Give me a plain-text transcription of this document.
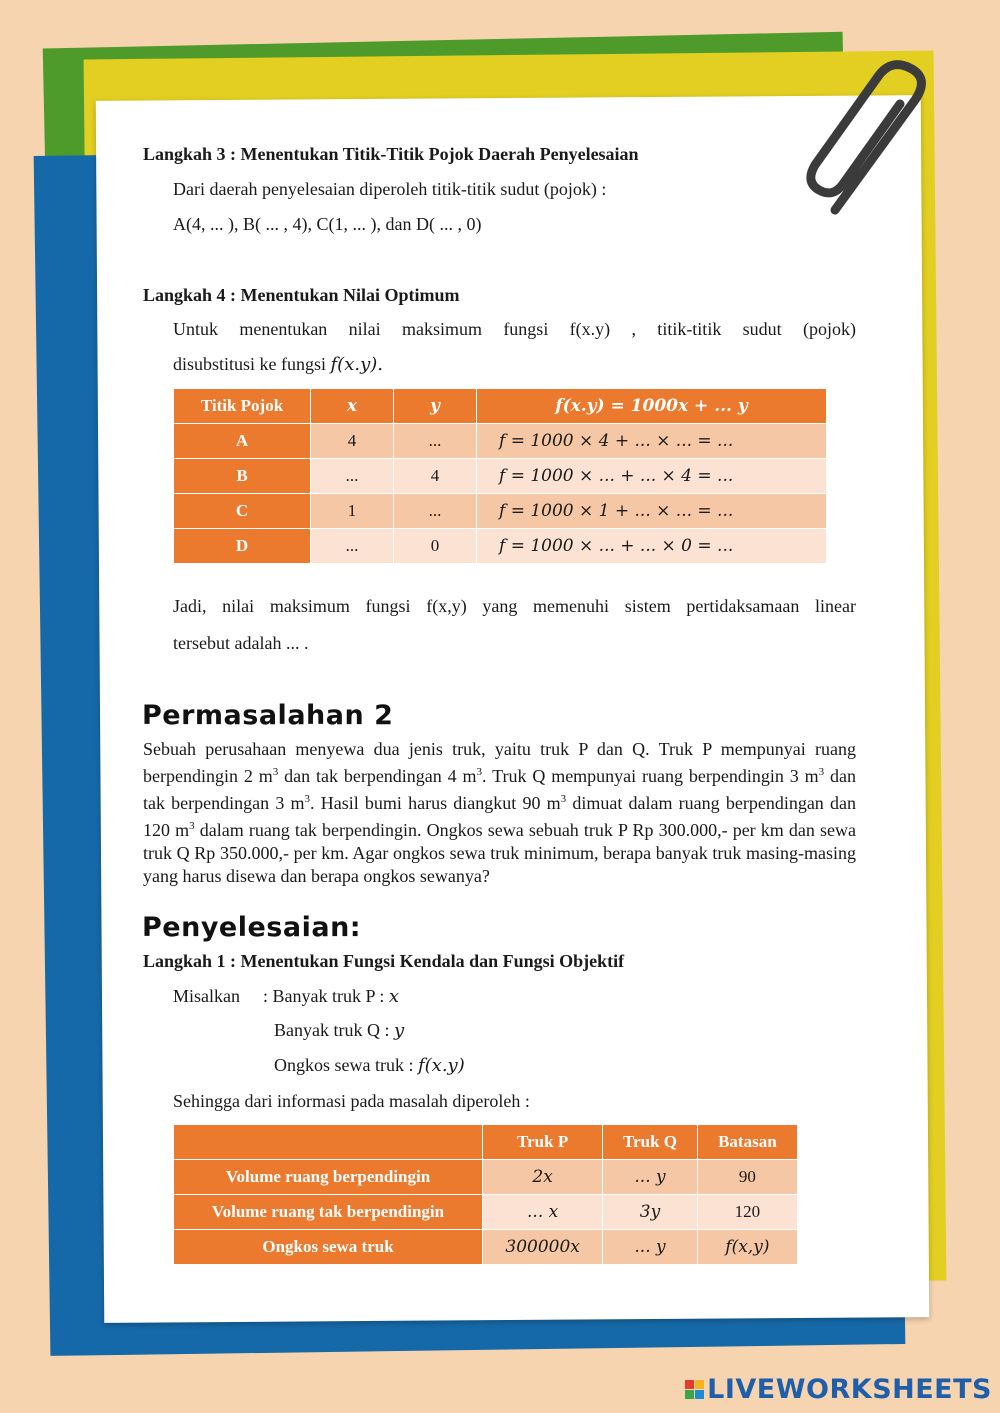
Langkah 3 : Menentukan Titik-Titik Pojok Daerah Penyelesaian
Dari daerah penyelesaian diperoleh titik-titik sudut (pojok) :
A(4, ... ), B( ... , 4), C(1, ... ), dan D( ... , 0)
Langkah 4 : Menentukan Nilai Optimum
Untuk menentukan nilai maksimum fungsi f(x.y) , titik-titik sudut (pojok)
disubstitusi ke fungsi f(x.y).
Titik Pojok	x	y	f(x.y) = 1000x + ... y
A	4	...	f = 1000 × 4 + ... × ... = ...
B	...	4	f = 1000 × ... + ... × 4 = ...
C	1	...	f = 1000 × 1 + ... × ... = ...
D	...	0	f = 1000 × ... + ... × 0 = ...
Jadi, nilai maksimum fungsi f(x,y) yang memenuhi sistem pertidaksamaan linear
tersebut adalah ... .
Permasalahan 2
Sebuah perusahaan menyewa dua jenis truk, yaitu truk P dan Q. Truk P mempunyai ruang berpendingin 2 $m^3$ dan tak berpendingan 4 $m^3$. Truk Q mempunyai ruang berpendingin 3 $m^3$ dan tak berpendingan 3 $m^3$. Hasil bumi harus diangkut 90 $m^3$ dimuat dalam ruang berpendingan dan 120 $m^3$ dalam ruang tak berpendingin. Ongkos sewa sebuah truk P Rp 300.000,- per km dan sewa truk Q Rp 350.000,- per km. Agar ongkos sewa truk minimum, berapa banyak truk masing-masing yang harus disewa dan berapa ongkos sewanya?
Penyelesaian:
Langkah 1 : Menentukan Fungsi Kendala dan Fungsi Objektif
Misalkan : Banyak truk P : x
Banyak truk Q : y
Ongkos sewa truk : f(x.y)
Sehingga dari informasi pada masalah diperoleh :
	Truk P	Truk Q	Batasan
Volume ruang berpendingin	2x	... y	90
Volume ruang tak berpendingin	... x	3y	120
Ongkos sewa truk	300000x	... y	f(x,y)
LIVEWORKSHEETS
